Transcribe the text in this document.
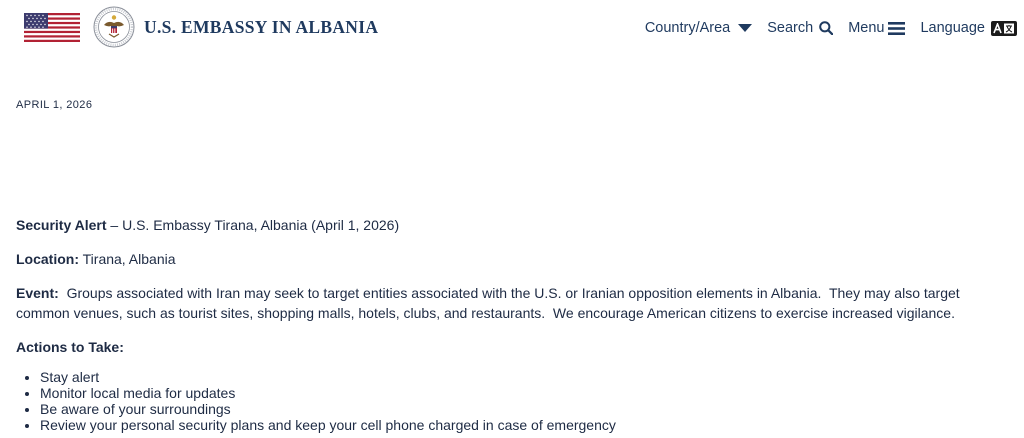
U.S. EMBASSY IN ALBANIA	Country/Area	Search Menu Language
APRIL 1, 2026

Security Alert – U.S. Embassy Tirana, Albania (April 1, 2026)

Location: Tirana, Albania

Event:  Groups associated with Iran may seek to target entities associated with the U.S. or Iranian opposition elements in Albania.  They may also target common venues, such as tourist sites, shopping malls, hotels, clubs, and restaurants.  We encourage American citizens to exercise increased vigilance.

Actions to Take:

• Stay alert
• Monitor local media for updates
• Be aware of your surroundings
• Review your personal security plans and keep your cell phone charged in case of emergency
